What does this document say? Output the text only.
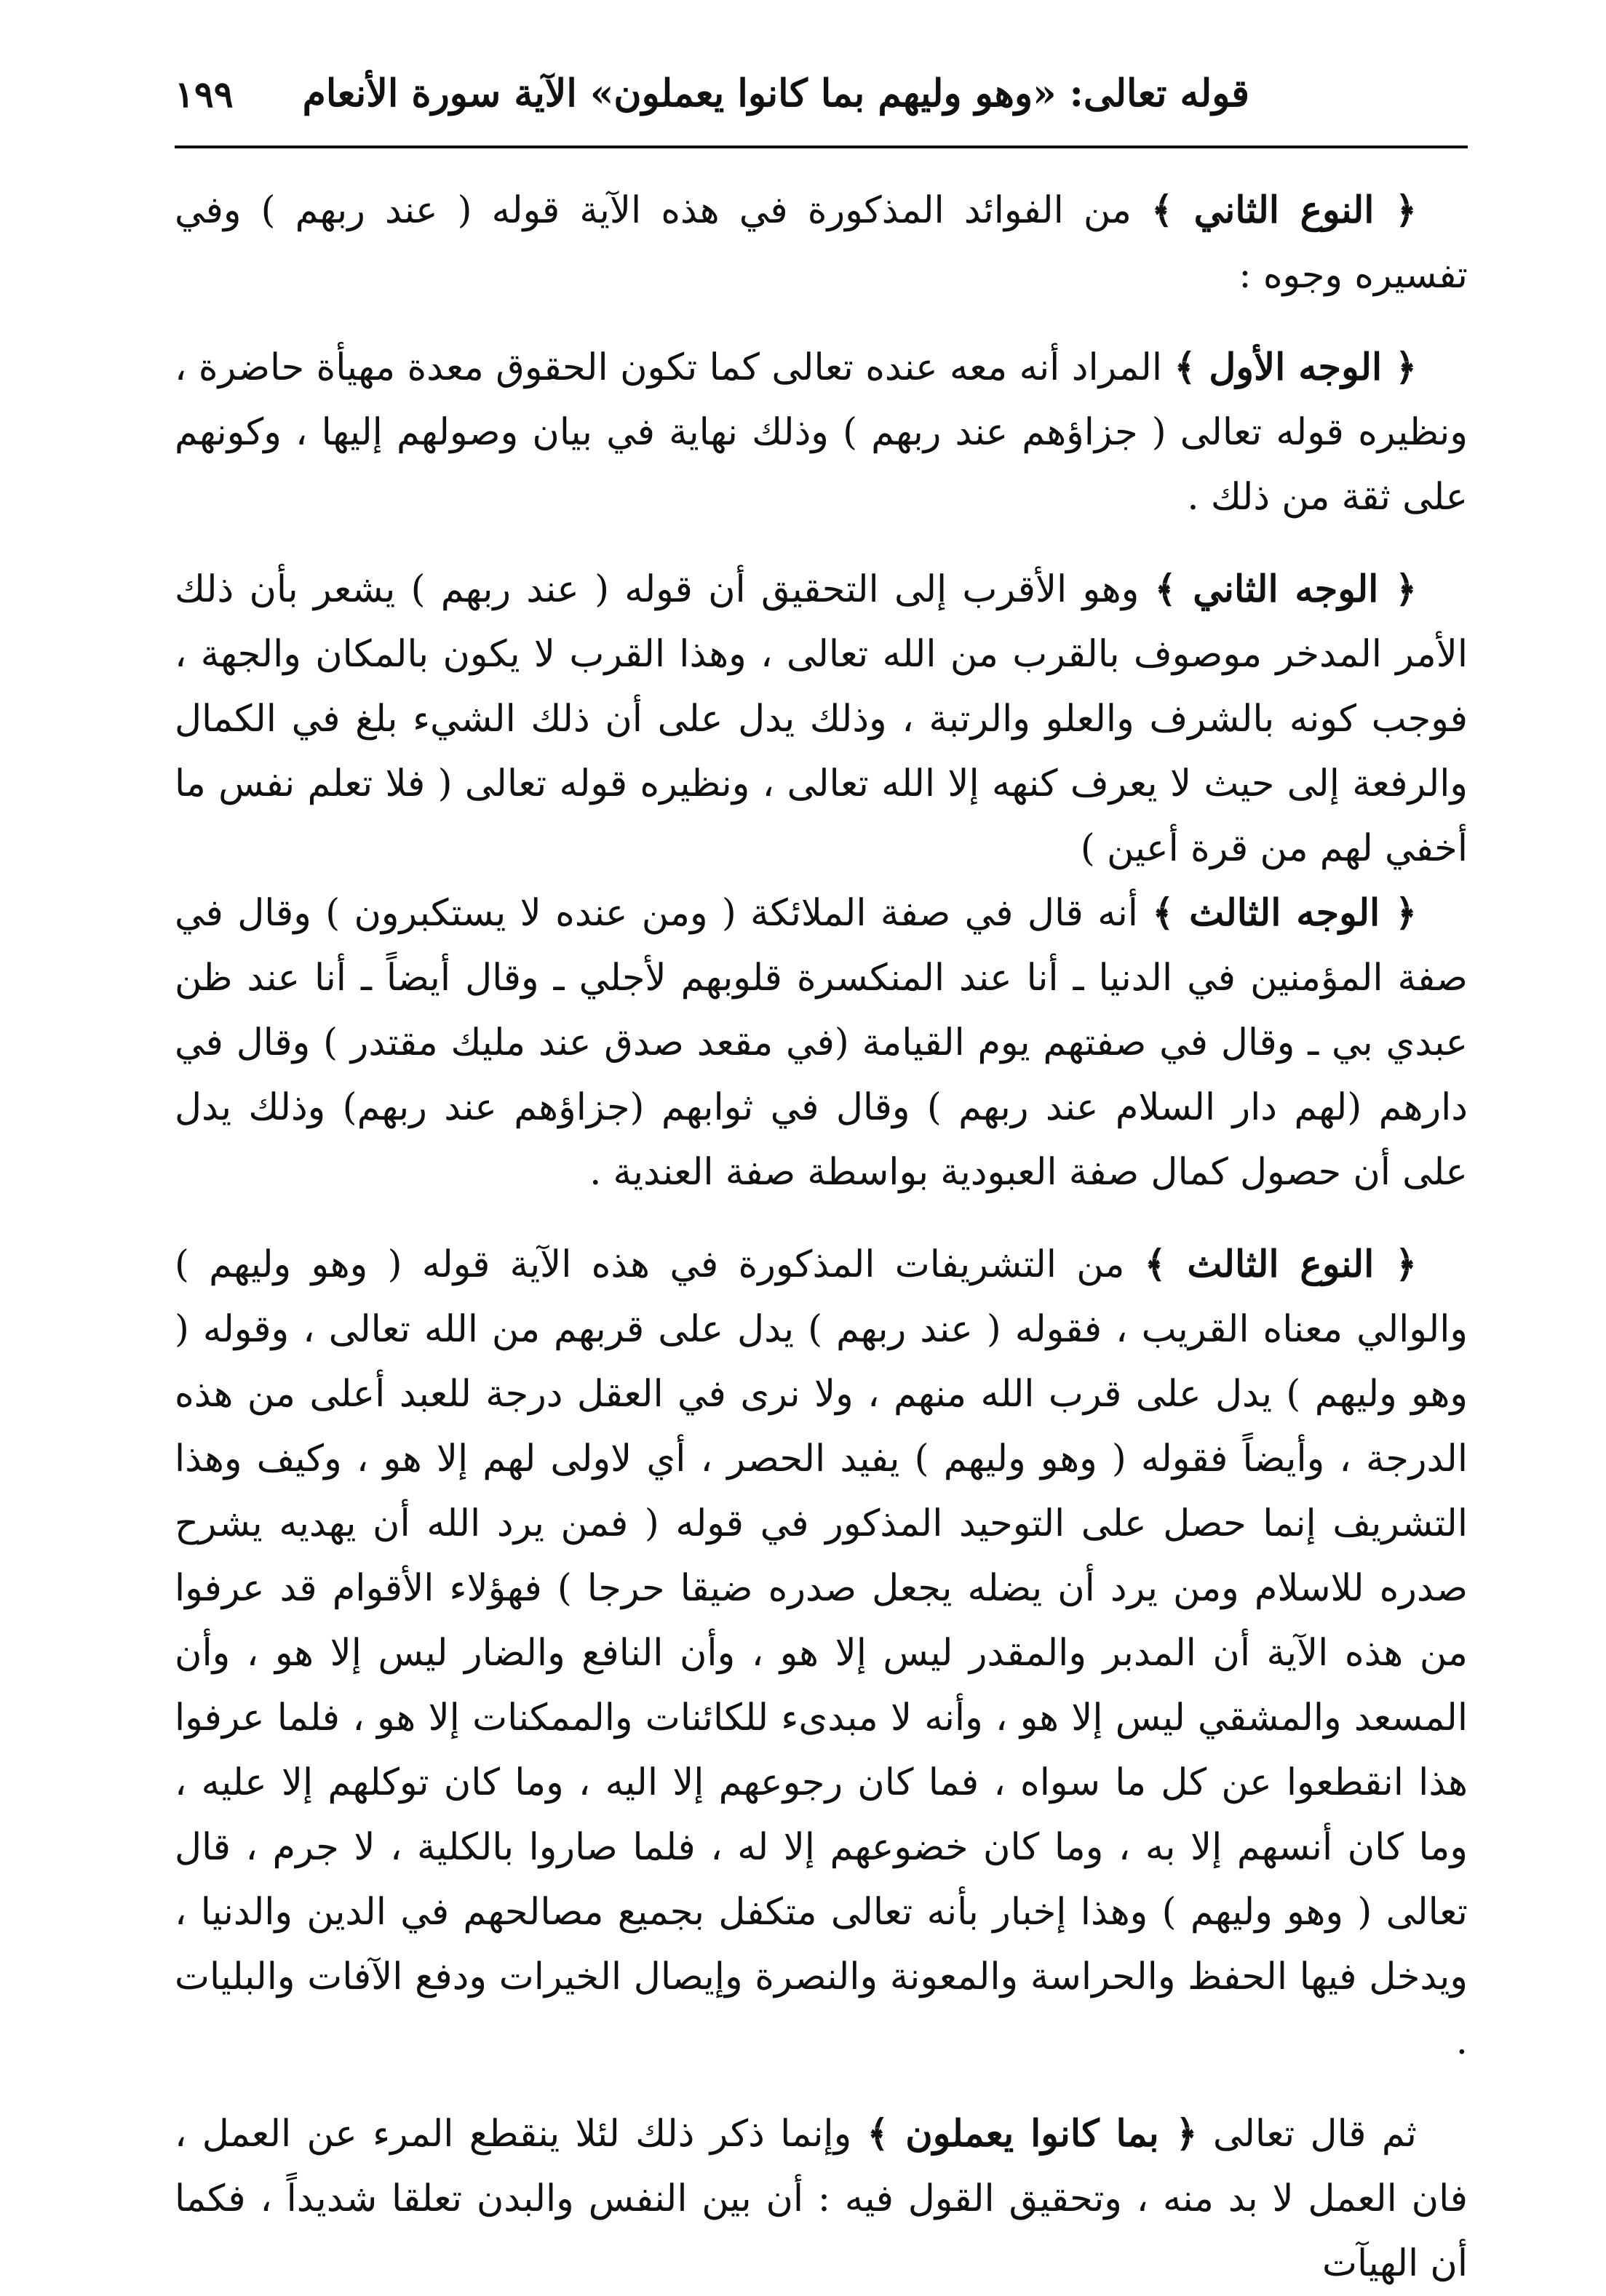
١٩٩ قوله تعالى: «وهو وليهم بما كانوا يعملون» الآية سورة الأنعام

﴿ النوع الثاني ﴾ من الفوائد المذكورة في هذه الآية قوله ( عند ربهم ) وفي تفسيره وجوه :

﴿ الوجه الأول ﴾ المراد أنه معه عنده تعالى كما تكون الحقوق معدة مهيأة حاضرة ، ونظيره قوله تعالى ( جزاؤهم عند ربهم ) وذلك نهاية في بيان وصولهم إليها ، وكونهم على ثقة من ذلك .

﴿ الوجه الثاني ﴾ وهو الأقرب إلى التحقيق أن قوله ( عند ربهم ) يشعر بأن ذلك الأمر المدخر موصوف بالقرب من الله تعالى ، وهذا القرب لا يكون بالمكان والجهة ، فوجب كونه بالشرف والعلو والرتبة ، وذلك يدل على أن ذلك الشيء بلغ في الكمال والرفعة إلى حيث لا يعرف كنهه إلا الله تعالى ، ونظيره قوله تعالى ( فلا تعلم نفس ما أخفي لهم من قرة أعين )

﴿ الوجه الثالث ﴾ أنه قال في صفة الملائكة ( ومن عنده لا يستكبرون ) وقال في صفة المؤمنين في الدنيا ـ أنا عند المنكسرة قلوبهم لأجلي ـ وقال أيضاً ـ أنا عند ظن عبدي بي ـ وقال في صفتهم يوم القيامة (في مقعد صدق عند مليك مقتدر ) وقال في دارهم (لهم دار السلام عند ربهم ) وقال في ثوابهم (جزاؤهم عند ربهم) وذلك يدل على أن حصول كمال صفة العبودية بواسطة صفة العندية .

﴿ النوع الثالث ﴾ من التشريفات المذكورة في هذه الآية قوله ( وهو وليهم ) والوالي معناه القريب ، فقوله ( عند ربهم ) يدل على قربهم من الله تعالى ، وقوله ( وهو وليهم ) يدل على قرب الله منهم ، ولا نرى في العقل درجة للعبد أعلى من هذه الدرجة ، وأيضاً فقوله ( وهو وليهم ) يفيد الحصر ، أي لاولى لهم إلا هو ، وكيف وهذا التشريف إنما حصل على التوحيد المذكور في قوله ( فمن يرد الله أن يهديه يشرح صدره للاسلام ومن يرد أن يضله يجعل صدره ضيقا حرجا ) فهؤلاء الأقوام قد عرفوا من هذه الآية أن المدبر والمقدر ليس إلا هو ، وأن النافع والضار ليس إلا هو ، وأن المسعد والمشقي ليس إلا هو ، وأنه لا مبدىء للكائنات والممكنات إلا هو ، فلما عرفوا هذا انقطعوا عن كل ما سواه ، فما كان رجوعهم إلا اليه ، وما كان توكلهم إلا عليه ، وما كان أنسهم إلا به ، وما كان خضوعهم إلا له ، فلما صاروا بالكلية ، لا جرم ، قال تعالى ( وهو وليهم ) وهذا إخبار بأنه تعالى متكفل بجميع مصالحهم في الدين والدنيا ، ويدخل فيها الحفظ والحراسة والمعونة والنصرة وإيصال الخيرات ودفع الآفات والبليات .

ثم قال تعالى ﴿ بما كانوا يعملون ﴾ وإنما ذكر ذلك لئلا ينقطع المرء عن العمل ، فان العمل لا بد منه ، وتحقيق القول فيه : أن بين النفس والبدن تعلقا شديداً ، فكما أن الهيآت
